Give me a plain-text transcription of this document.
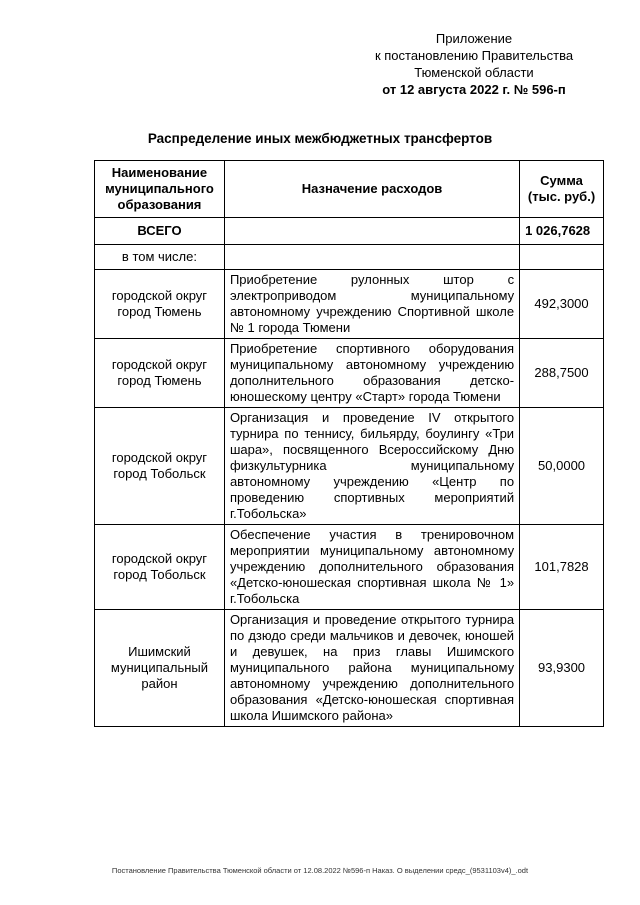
Приложение
к постановлению Правительства
Тюменской области
от 12 августа 2022 г. № 596-п
Распределение иных межбюджетных трансфертов
Наименование муниципального образования	Назначение расходов	Сумма (тыс. руб.)
ВСЕГО		1 026,7628
в том числе:		
городской округ город Тюмень	Приобретение рулонных штор с электроприводом муниципальному автономному учреждению Спортивной школе № 1 города Тюмени	492,3000
городской округ город Тюмень	Приобретение спортивного оборудования муниципальному автономному учреждению дополнительного образования детско-юношескому центру «Старт» города Тюмени	288,7500
городской округ город Тобольск	Организация и проведение IV открытого турнира по теннису, бильярду, боулингу «Три шара», посвященного Всероссийскому Дню физкультурника муниципальному автономному учреждению «Центр по проведению спортивных мероприятий г.Тобольска»	50,0000
городской округ город Тобольск	Обеспечение участия в тренировочном мероприятии муниципальному автономному учреждению дополнительного образования «Детско-юношеская спортивная школа № 1» г.Тобольска	101,7828
Ишимский муниципальный район	Организация и проведение открытого турнира по дзюдо среди мальчиков и девочек, юношей и девушек, на приз главы Ишимского муниципального района муниципальному автономному учреждению дополнительного образования «Детско-юношеская спортивная школа Ишимского района»	93,9300
Постановление Правительства Тюменской области от 12.08.2022 №596-п Наказ. О выделении средс_(9531103v4)_.odt
